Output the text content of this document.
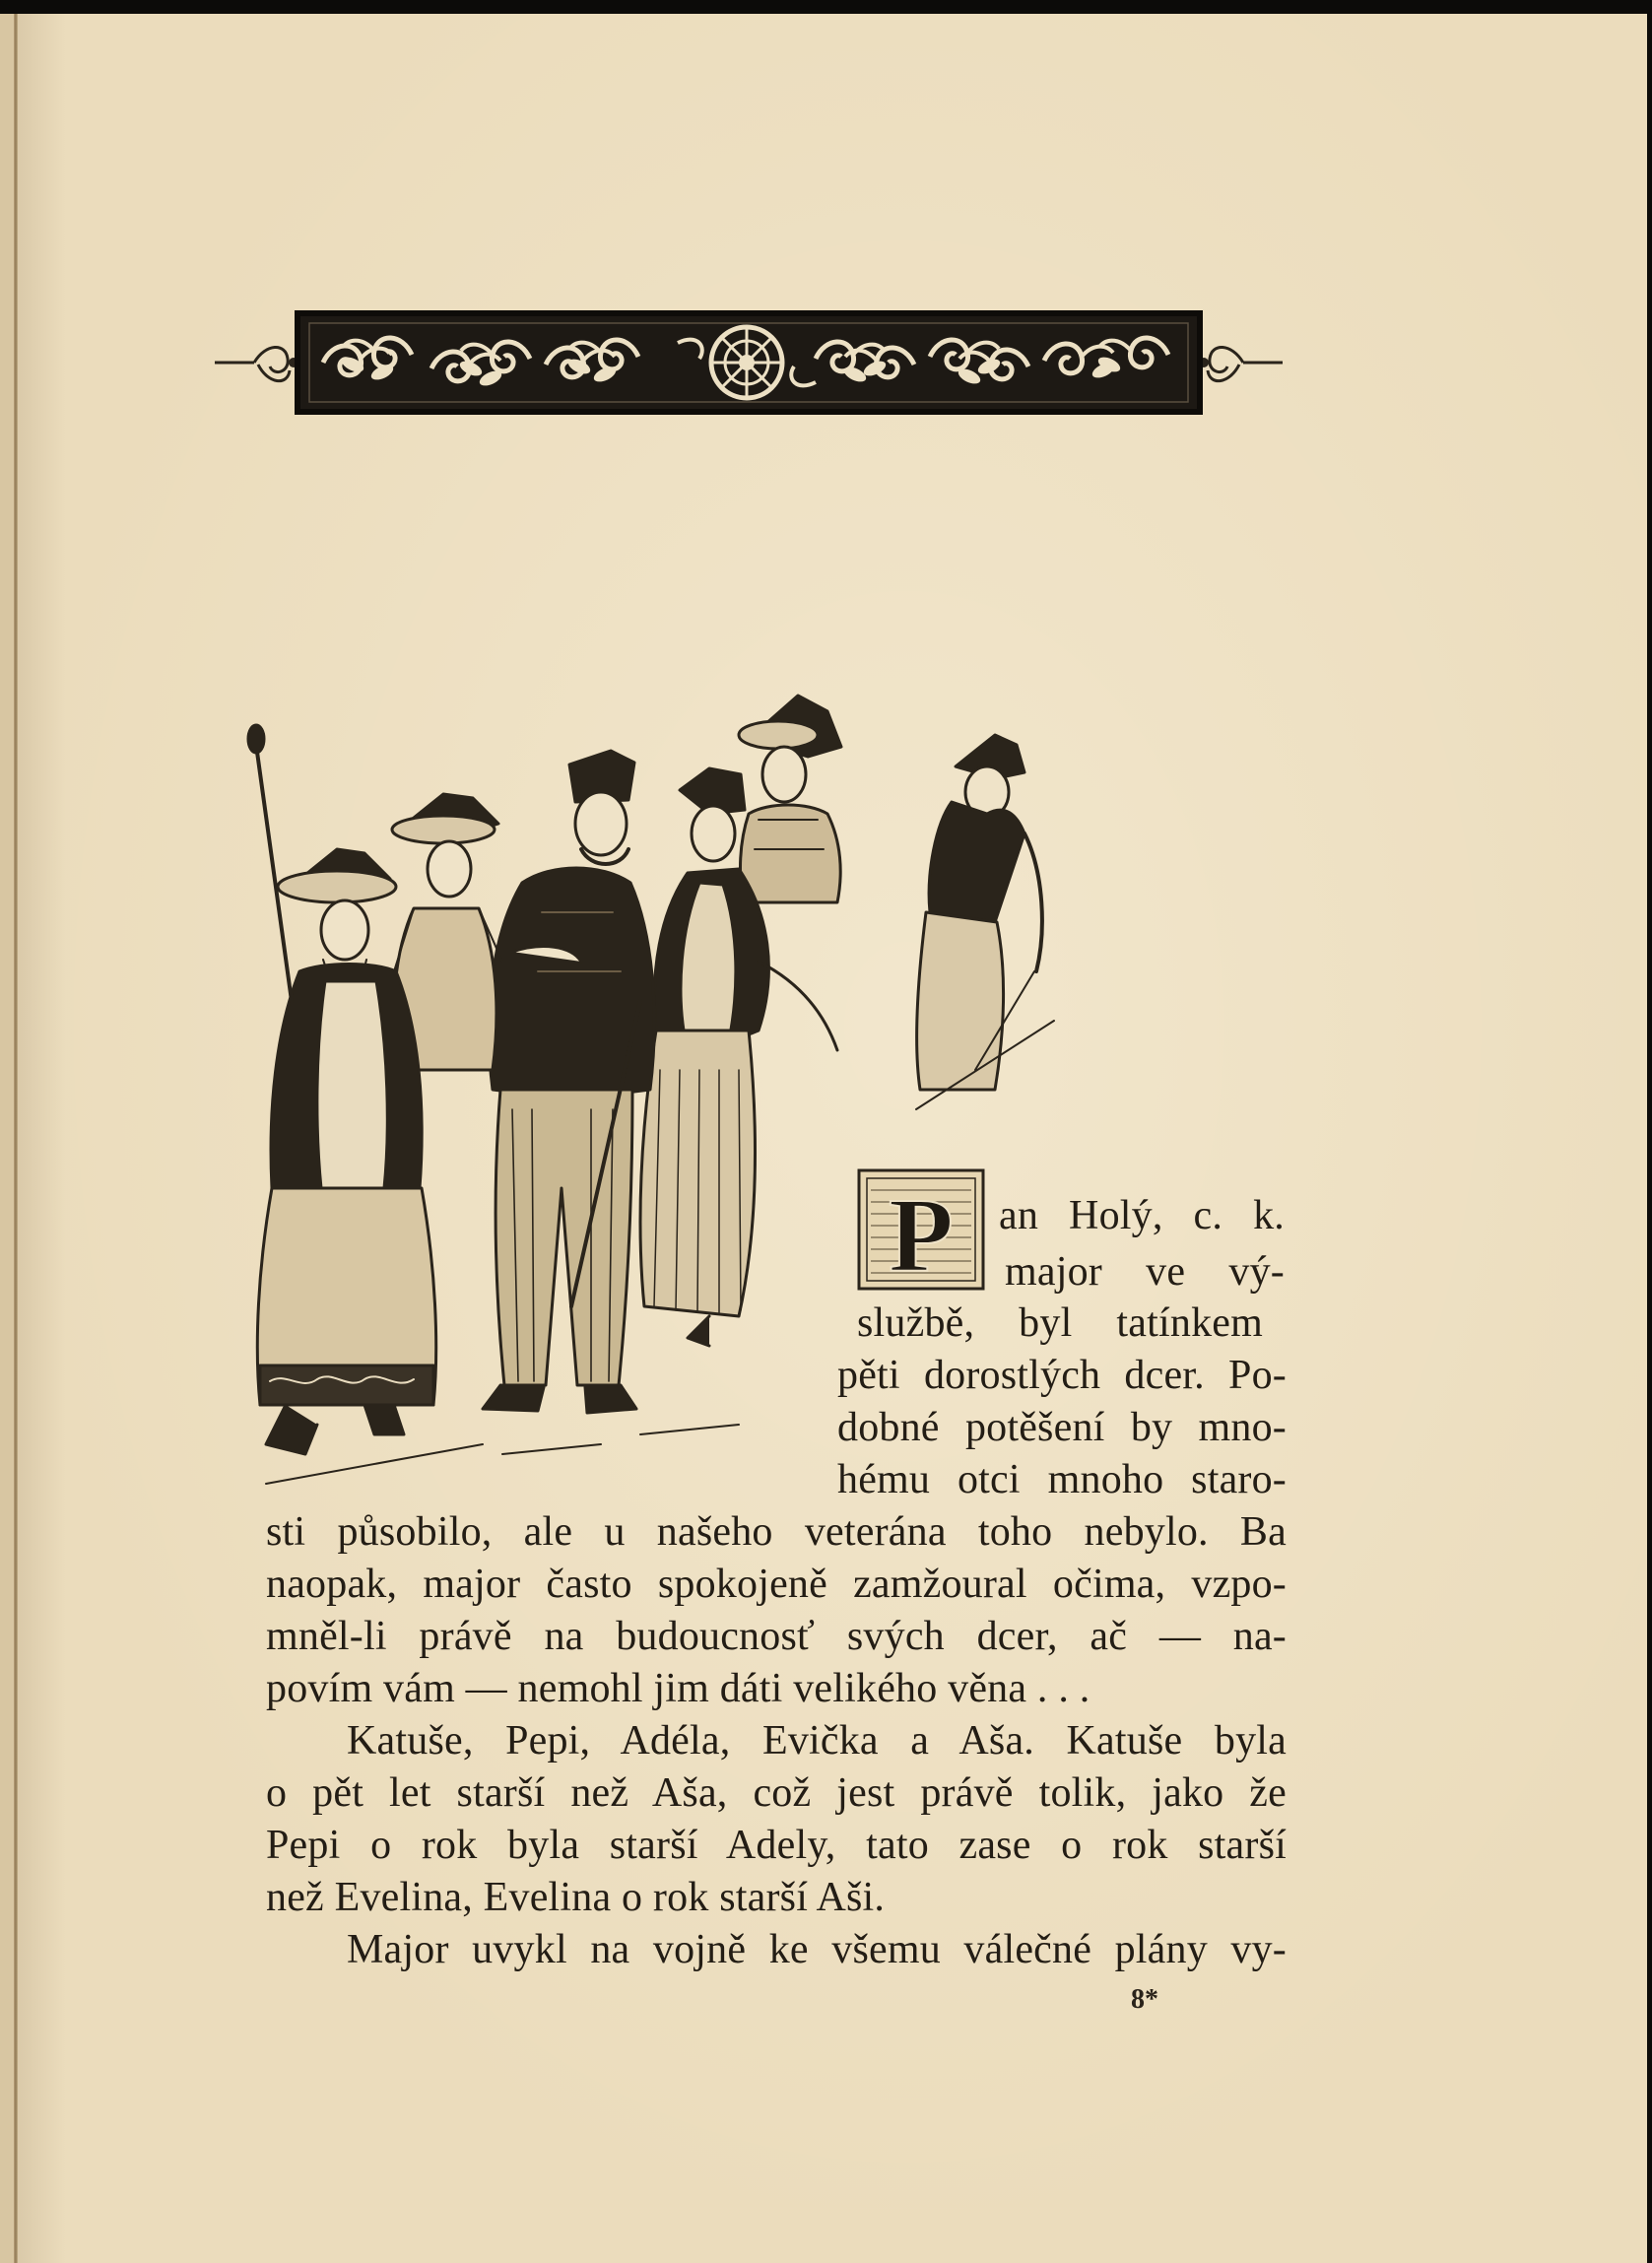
P an Holý, c. k.
major ve vý-
službě, byl tatínkem
pěti dorostlých dcer. Po-
dobné potěšení by mno-
hému otci mnoho staro-
sti působilo, ale u našeho veterána toho nebylo. Ba
naopak, major často spokojeně zamžoural očima, vzpo-
mněl-li právě na budoucnosť svých dcer, ač — na-
povím vám — nemohl jim dáti velikého věna . . .
Katuše, Pepi, Adéla, Evička a Aša. Katuše byla
o pět let starší než Aša, což jest právě tolik, jako že
Pepi o rok byla starší Adely, tato zase o rok starší
než Evelina, Evelina o rok starší Aši.
Major uvykl na vojně ke všemu válečné plány vy-
8*
